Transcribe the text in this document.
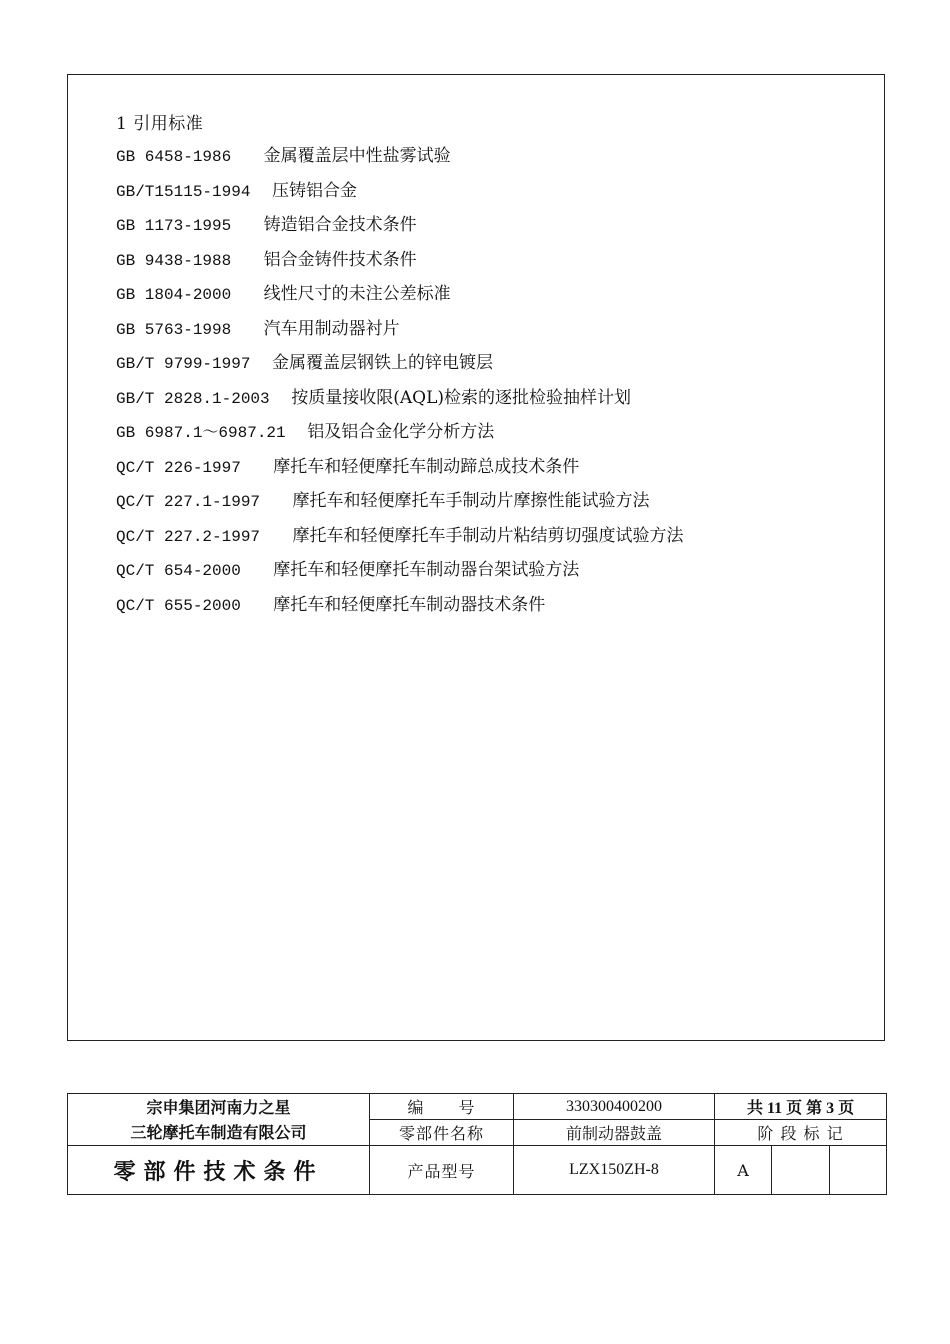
1 引用标准
GB 6458-1986 金属覆盖层中性盐雾试验
GB/T15115-1994 压铸铝合金
GB 1173-1995 铸造铝合金技术条件
GB 9438-1988 铝合金铸件技术条件
GB 1804-2000 线性尺寸的未注公差标准
GB 5763-1998 汽车用制动器衬片
GB/T 9799-1997 金属覆盖层钢铁上的锌电镀层
GB/T 2828.1-2003 按质量接收限(AQL)检索的逐批检验抽样计划
GB 6987.1～6987.21 铝及铝合金化学分析方法
QC/T 226-1997 摩托车和轻便摩托车制动蹄总成技术条件
QC/T 227.1-1997 摩托车和轻便摩托车手制动片摩擦性能试验方法
QC/T 227.2-1997 摩托车和轻便摩托车手制动片粘结剪切强度试验方法
QC/T 654-2000 摩托车和轻便摩托车制动器台架试验方法
QC/T 655-2000 摩托车和轻便摩托车制动器技术条件
宗申集团河南力之星
三轮摩托车制造有限公司	编　　号	330300400200	共 11 页 第 3 页		
	零部件名称	前制动器鼓盖	阶 段 标 记		
零部件技术条件	产品型号	LZX150ZH-8	A		
